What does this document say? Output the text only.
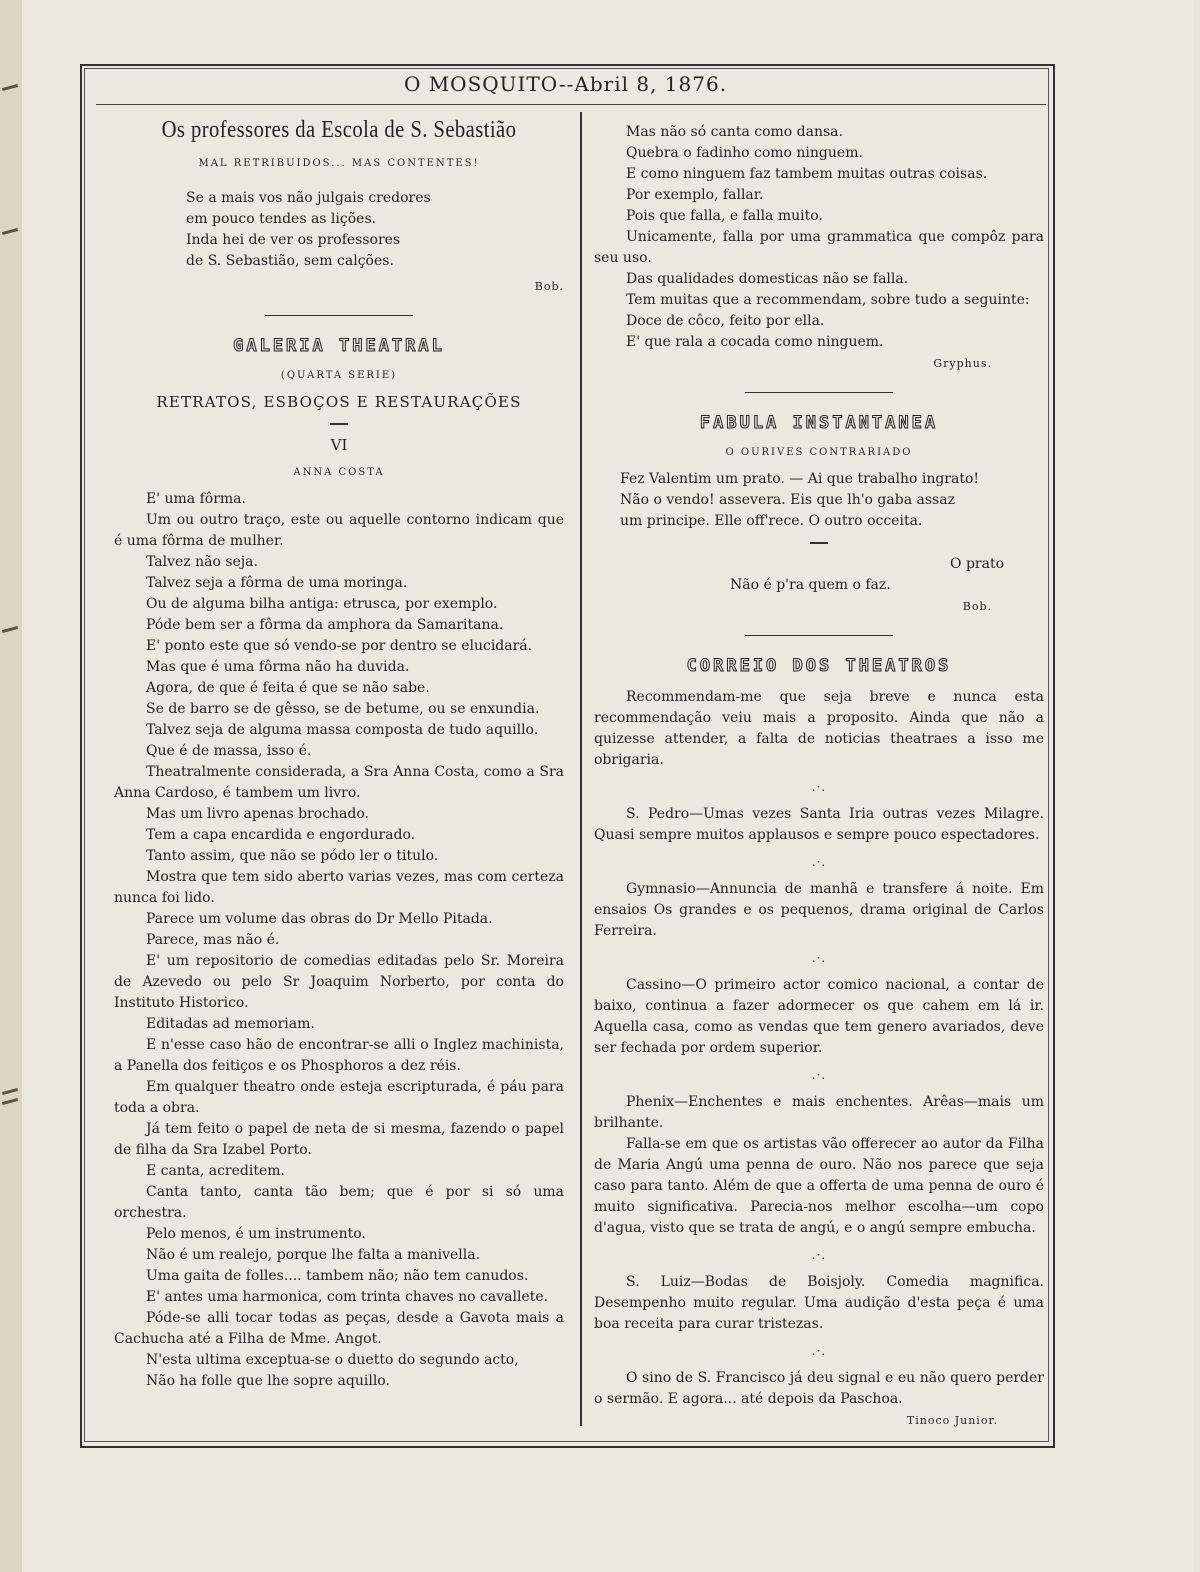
O MOSQUITO--Abril 8, 1876.
Os professores da Escola de S. Sebastião
MAL RETRIBUIDOS... MAS CONTENTES!
Se a mais vos não julgais credores
em pouco tendes as lições.
Inda hei de ver os professores
de S. Sebastião, sem calções.
Bob.
GALERIA THEATRAL
(QUARTA SERIE)
RETRATOS, ESBOÇOS E RESTAURAÇÕES
VI
ANNA COSTA

E' uma fôrma.

Um ou outro traço, este ou aquelle contorno indicam que é uma fôrma de mulher.

Talvez não seja.

Talvez seja a fôrma de uma moringa.

Ou de alguma bilha antiga: etrusca, por exemplo.

Póde bem ser a fôrma da amphora da Samaritana.

E' ponto este que só vendo-se por dentro se elucidará.

Mas que é uma fôrma não ha duvida.

Agora, de que é feita é que se não sabe.

Se de barro se de gêsso, se de betume, ou se enxundia.

Talvez seja de alguma massa composta de tudo aquillo.

Que é de massa, isso é.

Theatralmente considerada, a Sra Anna Costa, como a Sra Anna Cardoso, é tambem um livro.

Mas um livro apenas brochado.

Tem a capa encardida e engordurado.

Tanto assim, que não se pódo ler o titulo.

Mostra que tem sido aberto varias vezes, mas com certeza nunca foi lido.

Parece um volume das obras do Dr Mello Pitada.

Parece, mas não é.

E' um repositorio de comedias editadas pelo Sr. Moreira de Azevedo ou pelo Sr Joaquim Norberto, por conta do Instituto Historico.

Editadas ad memoriam.

E n'esse caso hão de encontrar-se alli o Inglez machinista, a Panella dos feitiços e os Phosphoros a dez réis.

Em qualquer theatro onde esteja escripturada, é páu para toda a obra.

Já tem feito o papel de neta de si mesma, fazendo o papel de filha da Sra Izabel Porto.

E canta, acreditem.

Canta tanto, canta tão bem; que é por si só uma orchestra.

Pelo menos, é um instrumento.

Não é um realejo, porque lhe falta a manivella.

Uma gaita de folles.... tambem não; não tem canudos.

E' antes uma harmonica, com trinta chaves no cavallete.

Póde-se alli tocar todas as peças, desde a Gavota mais a Cachucha até a Filha de Mme. Angot.

N'esta ultima exceptua-se o duetto do segundo acto,

Não ha folle que lhe sopre aquillo.

Mas não só canta como dansa.

Quebra o fadinho como ninguem.

E como ninguem faz tambem muitas outras coisas.

Por exemplo, fallar.

Pois que falla, e falla muito.

Unicamente, falla por uma grammatica que compôz para seu uso.

Das qualidades domesticas não se falla.

Tem muitas que a recommendam, sobre tudo a seguinte:

Doce de côco, feito por ella.

E' que rala a cocada como ninguem.

Gryphus.
FABULA INSTANTANEA
O OURIVES CONTRARIADO
Fez Valentim um prato. — Ai que trabalho ingrato!
Não o vendo! assevera. Eis que lh'o gaba assaz
um principe. Elle off'rece. O outro occeita.
O prato
Não é p'ra quem o faz.
Bob.
CORREIO DOS THEATROS

Recommendam-me que seja breve e nunca esta recommendação veiu mais a proposito. Ainda que não a quizesse attender, a falta de noticias theatraes a isso me obrigaria.

.·.

S. Pedro—Umas vezes Santa Iria outras vezes Milagre. Quasi sempre muitos applausos e sempre pouco espectadores.

.·.

Gymnasio—Annuncia de manhã e transfere á noite. Em ensaios Os grandes e os pequenos, drama original de Carlos Ferreira.

.·.

Cassino—O primeiro actor comico nacional, a contar de baixo, continua a fazer adormecer os que cahem em lá ir. Aquella casa, como as vendas que tem genero avariados, deve ser fechada por ordem superior.

.·.

Phenix—Enchentes e mais enchentes. Arêas—mais um brilhante.

Falla-se em que os artistas vão offerecer ao autor da Filha de Maria Angú uma penna de ouro. Não nos parece que seja caso para tanto. Além de que a offerta de uma penna de ouro é muito significativa. Parecia-nos melhor escolha—um copo d'agua, visto que se trata de angú, e o angú sempre embucha.

.·.

S. Luiz—Bodas de Boisjoly. Comedia magnifica. Desempenho muito regular. Uma audição d'esta peça é uma boa receita para curar tristezas.

.·.

O sino de S. Francisco já deu signal e eu não quero perder o sermão. E agora... até depois da Paschoa.

Tinoco Junior.
